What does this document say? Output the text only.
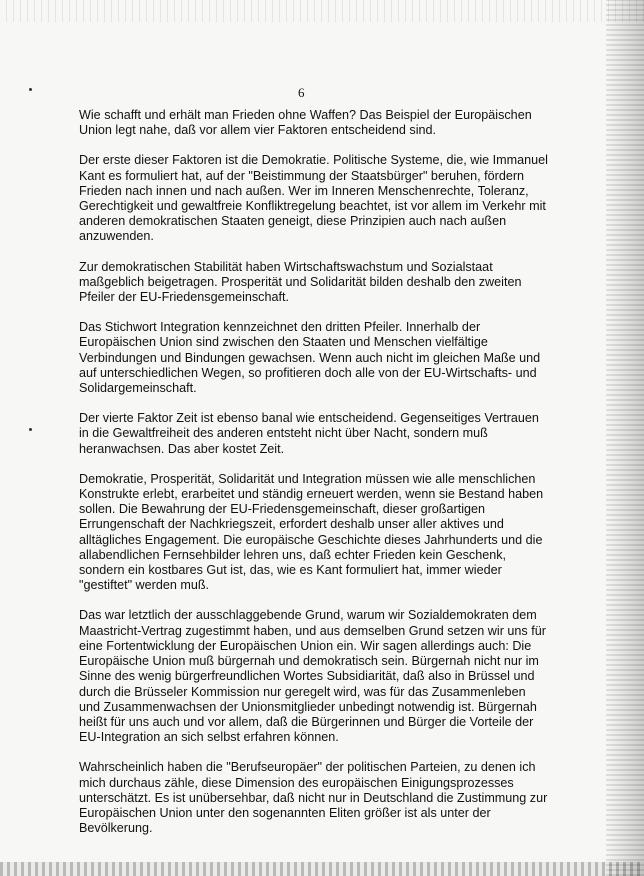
6

Wie schafft und erhält man Frieden ohne Waffen? Das Beispiel der Europäischen Union legt nahe, daß vor allem vier Faktoren entscheidend sind.

Der erste dieser Faktoren ist die Demokratie. Politische Systeme, die, wie Immanuel Kant es formuliert hat, auf der "Beistimmung der Staatsbürger" beruhen, fördern Frieden nach innen und nach außen. Wer im Inneren Menschenrechte, Toleranz, Gerechtigkeit und gewaltfreie Konfliktregelung beachtet, ist vor allem im Verkehr mit anderen demokratischen Staaten geneigt, diese Prinzipien auch nach außen anzuwenden.

Zur demokratischen Stabilität haben Wirtschaftswachstum und Sozialstaat maßgeblich beigetragen. Prosperität und Solidarität bilden deshalb den zweiten Pfeiler der EU-Friedensgemeinschaft.

Das Stichwort Integration kennzeichnet den dritten Pfeiler. Innerhalb der Europäischen Union sind zwischen den Staaten und Menschen vielfältige Verbindungen und Bindungen gewachsen. Wenn auch nicht im gleichen Maße und auf unterschiedlichen Wegen, so profitieren doch alle von der EU-Wirtschafts- und Solidargemeinschaft.

Der vierte Faktor Zeit ist ebenso banal wie entscheidend. Gegenseitiges Vertrauen in die Gewaltfreiheit des anderen entsteht nicht über Nacht, sondern muß heranwachsen. Das aber kostet Zeit.

Demokratie, Prosperität, Solidarität und Integration müssen wie alle menschlichen Konstrukte erlebt, erarbeitet und ständig erneuert werden, wenn sie Bestand haben sollen. Die Bewahrung der EU-Friedensgemeinschaft, dieser großartigen Errungenschaft der Nachkriegszeit, erfordert deshalb unser aller aktives und alltägliches Engagement. Die europäische Geschichte dieses Jahrhunderts und die allabendlichen Fernsehbilder lehren uns, daß echter Frieden kein Geschenk, sondern ein kostbares Gut ist, das, wie es Kant formuliert hat, immer wieder "gestiftet" werden muß.

Das war letztlich der ausschlaggebende Grund, warum wir Sozialdemokraten dem Maastricht-Vertrag zugestimmt haben, und aus demselben Grund setzen wir uns für eine Fortentwicklung der Europäischen Union ein. Wir sagen allerdings auch: Die Europäische Union muß bürgernah und demokratisch sein. Bürgernah nicht nur im Sinne des wenig bürgerfreundlichen Wortes Subsidiarität, daß also in Brüssel und durch die Brüsseler Kommission nur geregelt wird, was für das Zusammenleben und Zusammenwachsen der Unionsmitglieder unbedingt notwendig ist. Bürgernah heißt für uns auch und vor allem, daß die Bürgerinnen und Bürger die Vorteile der EU-Integration an sich selbst erfahren können.

Wahrscheinlich haben die "Berufseuropäer" der politischen Parteien, zu denen ich mich durchaus zähle, diese Dimension des europäischen Einigungsprozesses unterschätzt. Es ist unübersehbar, daß nicht nur in Deutschland die Zustimmung zur Europäischen Union unter den sogenannten Eliten größer ist als unter der Bevölkerung.
